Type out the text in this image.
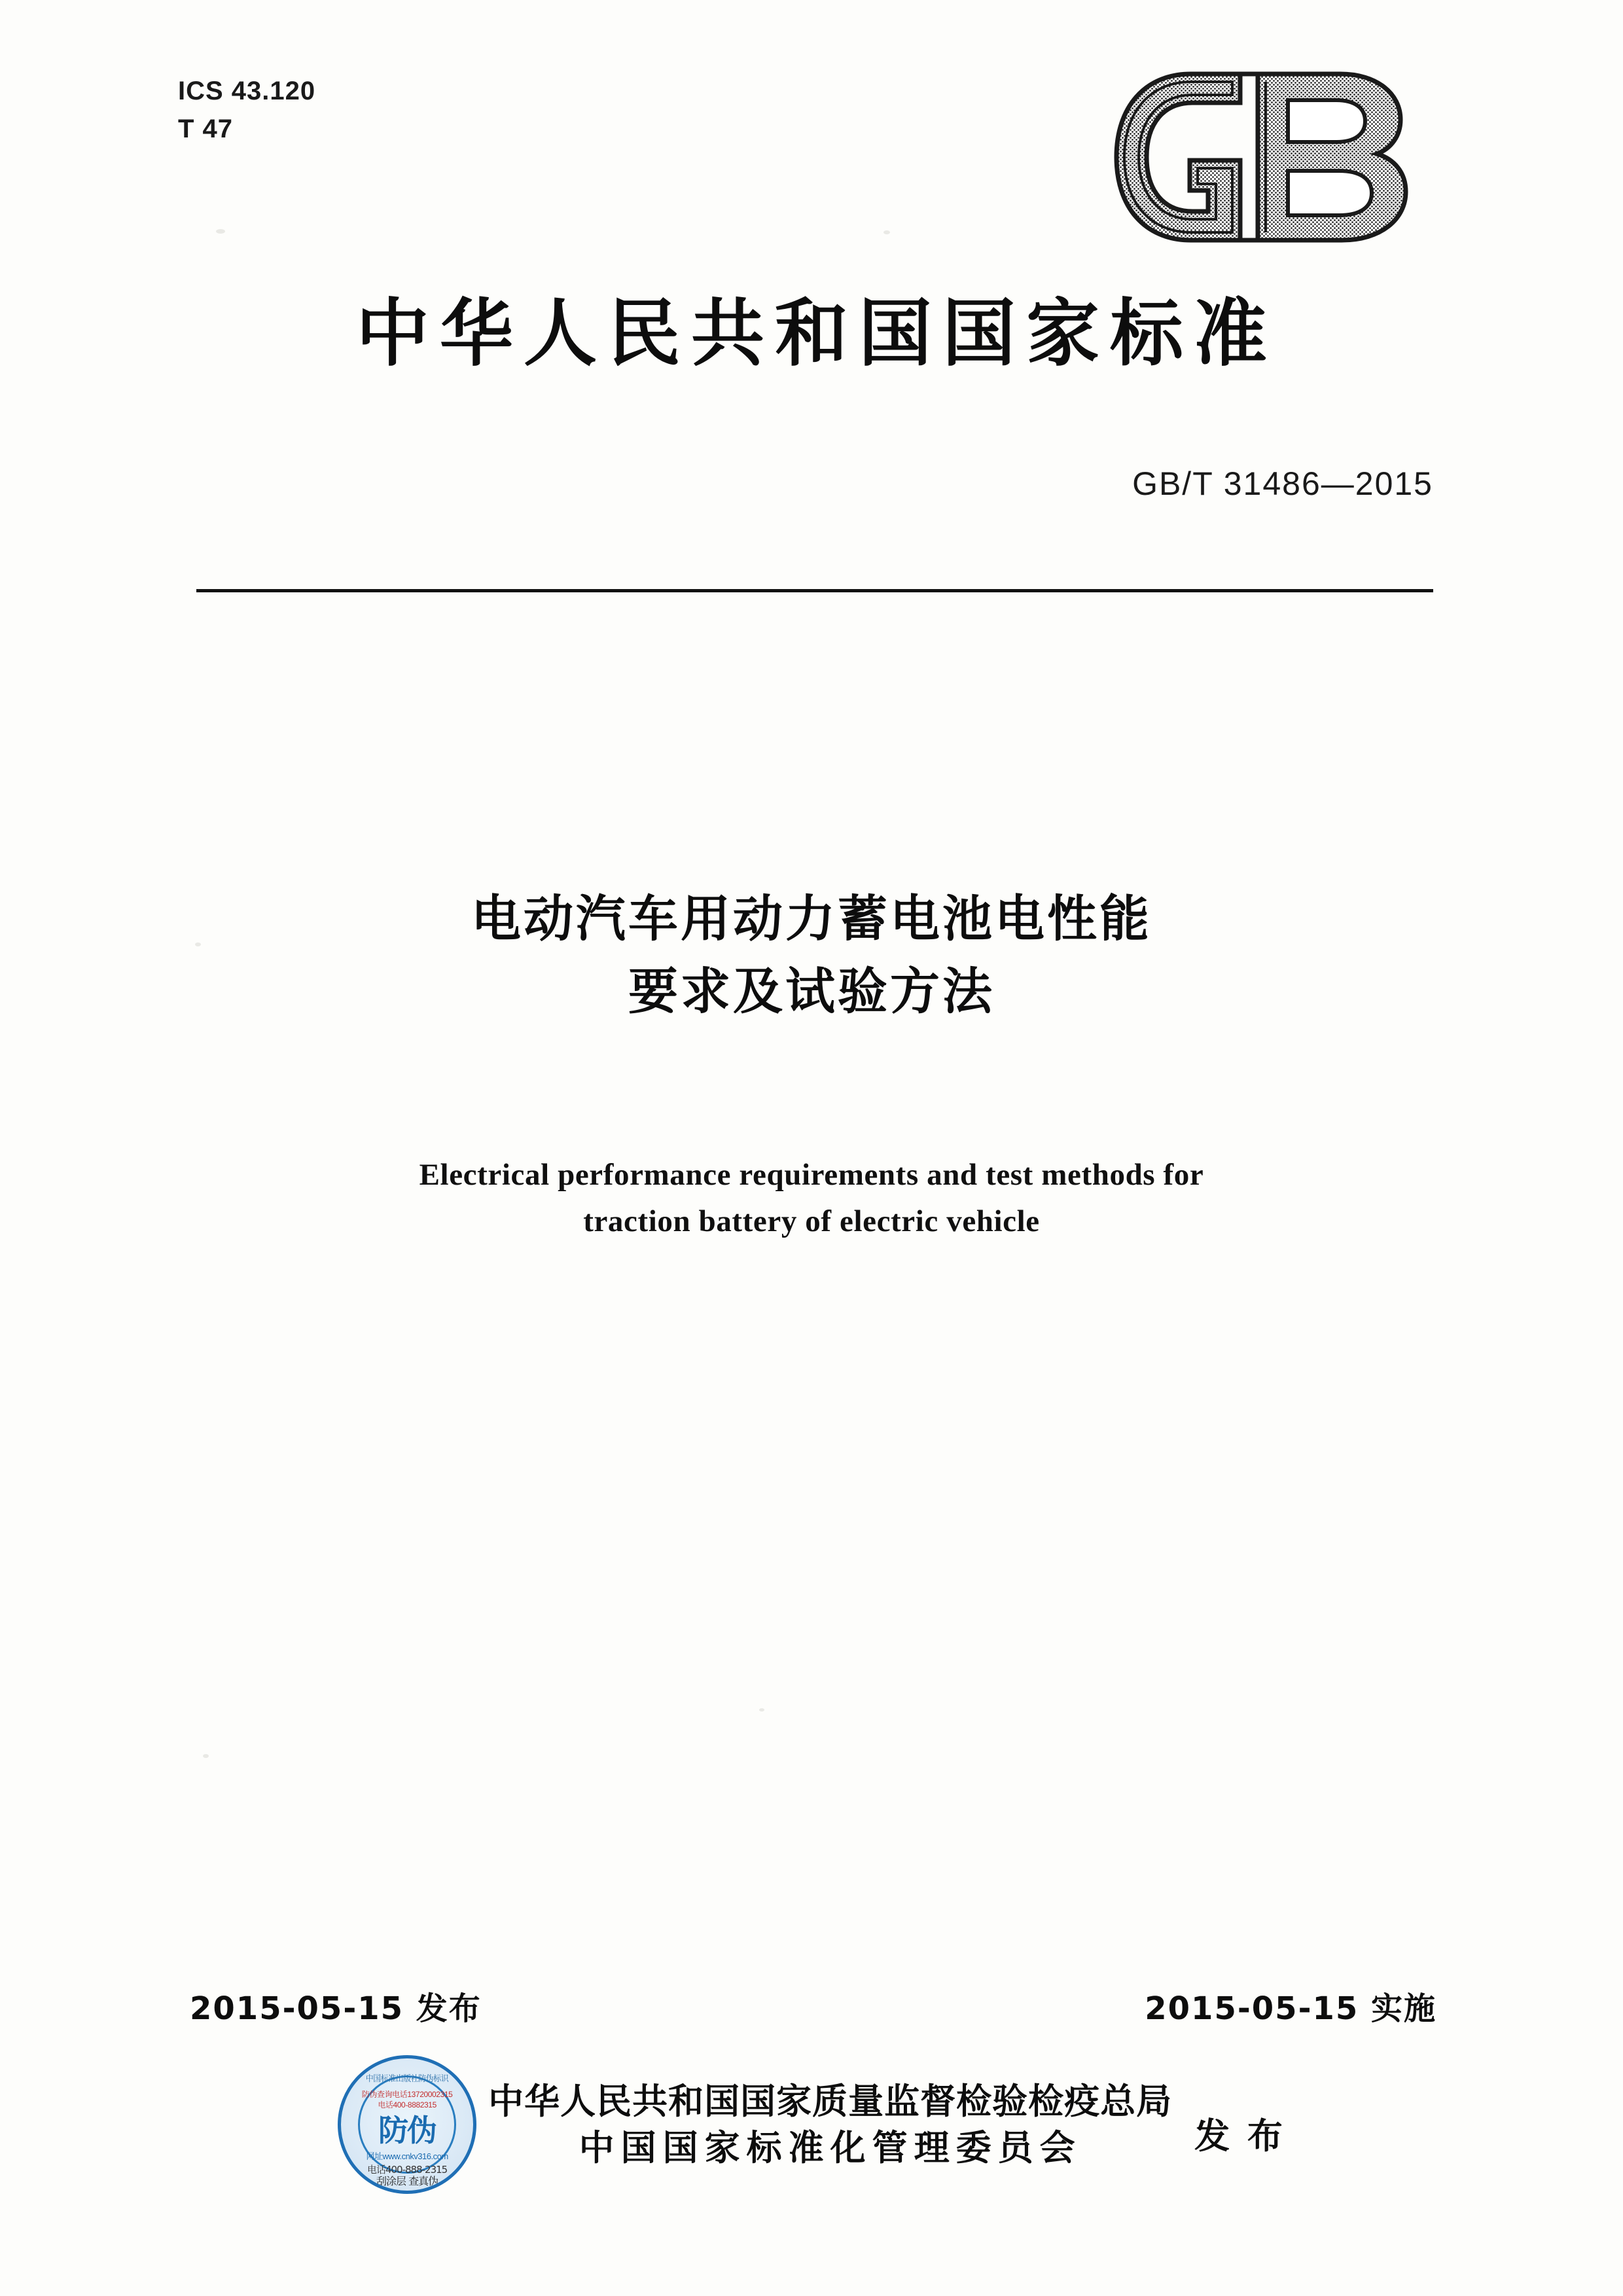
ICS 43.120
T 47
中华人民共和国国家标准
GB/T 31486—2015
电动汽车用动力蓄电池电性能
要求及试验方法
Electrical performance requirements and test methods for
traction battery of electric vehicle
2015-05-15 发布	2015-05-15 实施
中国标准出版社防伪标识
防伪查询电话13720002315
电话400-8882315
防伪
网址www.cnkv316.com
电话400-888-2315
刮涂层 查真伪
中华人民共和国国家质量监督检验检疫总局
中国国家标准化管理委员会	发 布
